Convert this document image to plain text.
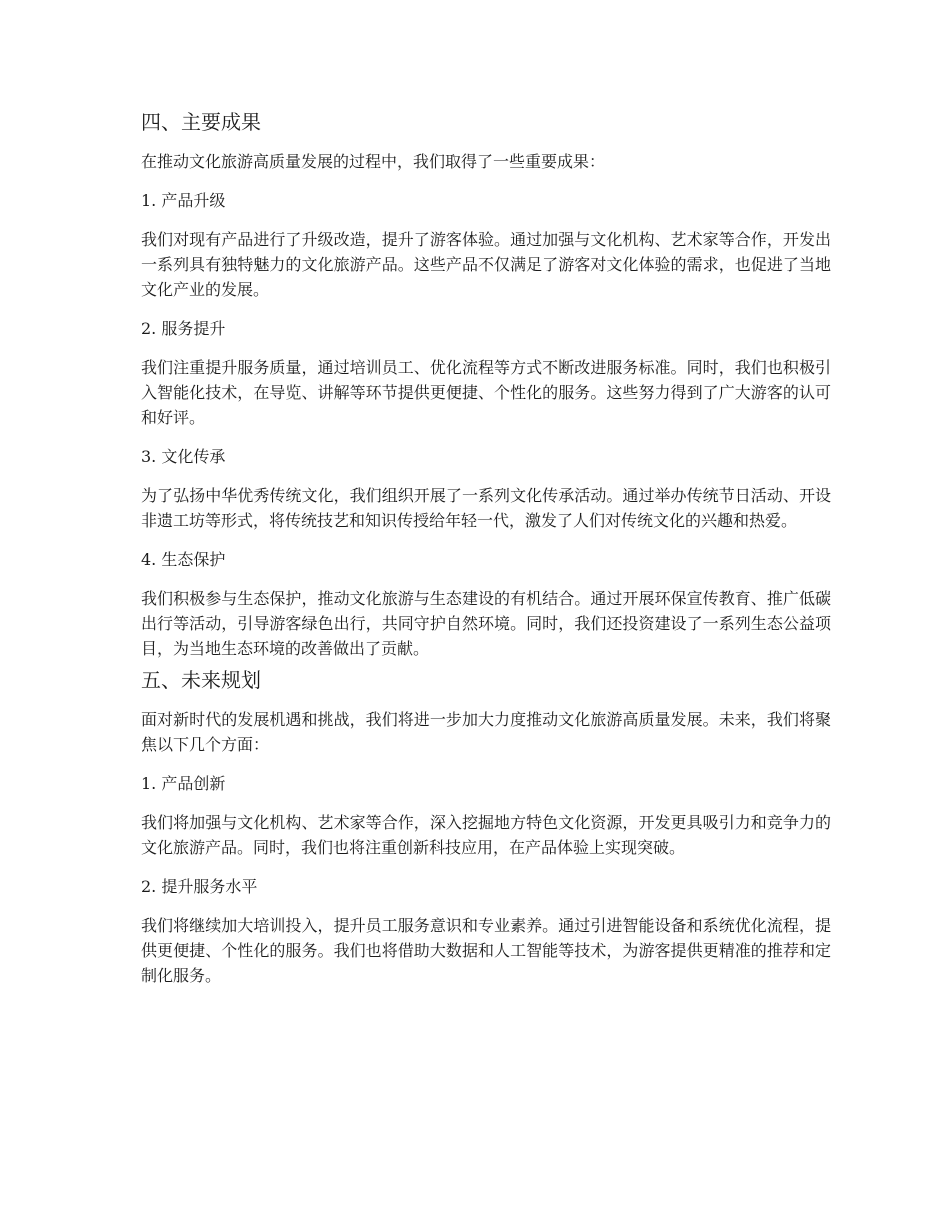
四、主要成果

在推动文化旅游高质量发展的过程中，我们取得了一些重要成果：

1. 产品升级

我们对现有产品进行了升级改造，提升了游客体验。通过加强与文化机构、艺术家等合作，开发出一系列具有独特魅力的文化旅游产品。这些产品不仅满足了游客对文化体验的需求，也促进了当地文化产业的发展。

2. 服务提升

我们注重提升服务质量，通过培训员工、优化流程等方式不断改进服务标准。同时，我们也积极引入智能化技术，在导览、讲解等环节提供更便捷、个性化的服务。这些努力得到了广大游客的认可和好评。

3. 文化传承

为了弘扬中华优秀传统文化，我们组织开展了一系列文化传承活动。通过举办传统节日活动、开设非遗工坊等形式，将传统技艺和知识传授给年轻一代，激发了人们对传统文化的兴趣和热爱。

4. 生态保护

我们积极参与生态保护，推动文化旅游与生态建设的有机结合。通过开展环保宣传教育、推广低碳出行等活动，引导游客绿色出行，共同守护自然环境。同时，我们还投资建设了一系列生态公益项目，为当地生态环境的改善做出了贡献。

五、未来规划

面对新时代的发展机遇和挑战，我们将进一步加大力度推动文化旅游高质量发展。未来，我们将聚焦以下几个方面：

1. 产品创新

我们将加强与文化机构、艺术家等合作，深入挖掘地方特色文化资源，开发更具吸引力和竞争力的文化旅游产品。同时，我们也将注重创新科技应用，在产品体验上实现突破。

2. 提升服务水平

我们将继续加大培训投入，提升员工服务意识和专业素养。通过引进智能设备和系统优化流程，提供更便捷、个性化的服务。我们也将借助大数据和人工智能等技术，为游客提供更精准的推荐和定制化服务。
